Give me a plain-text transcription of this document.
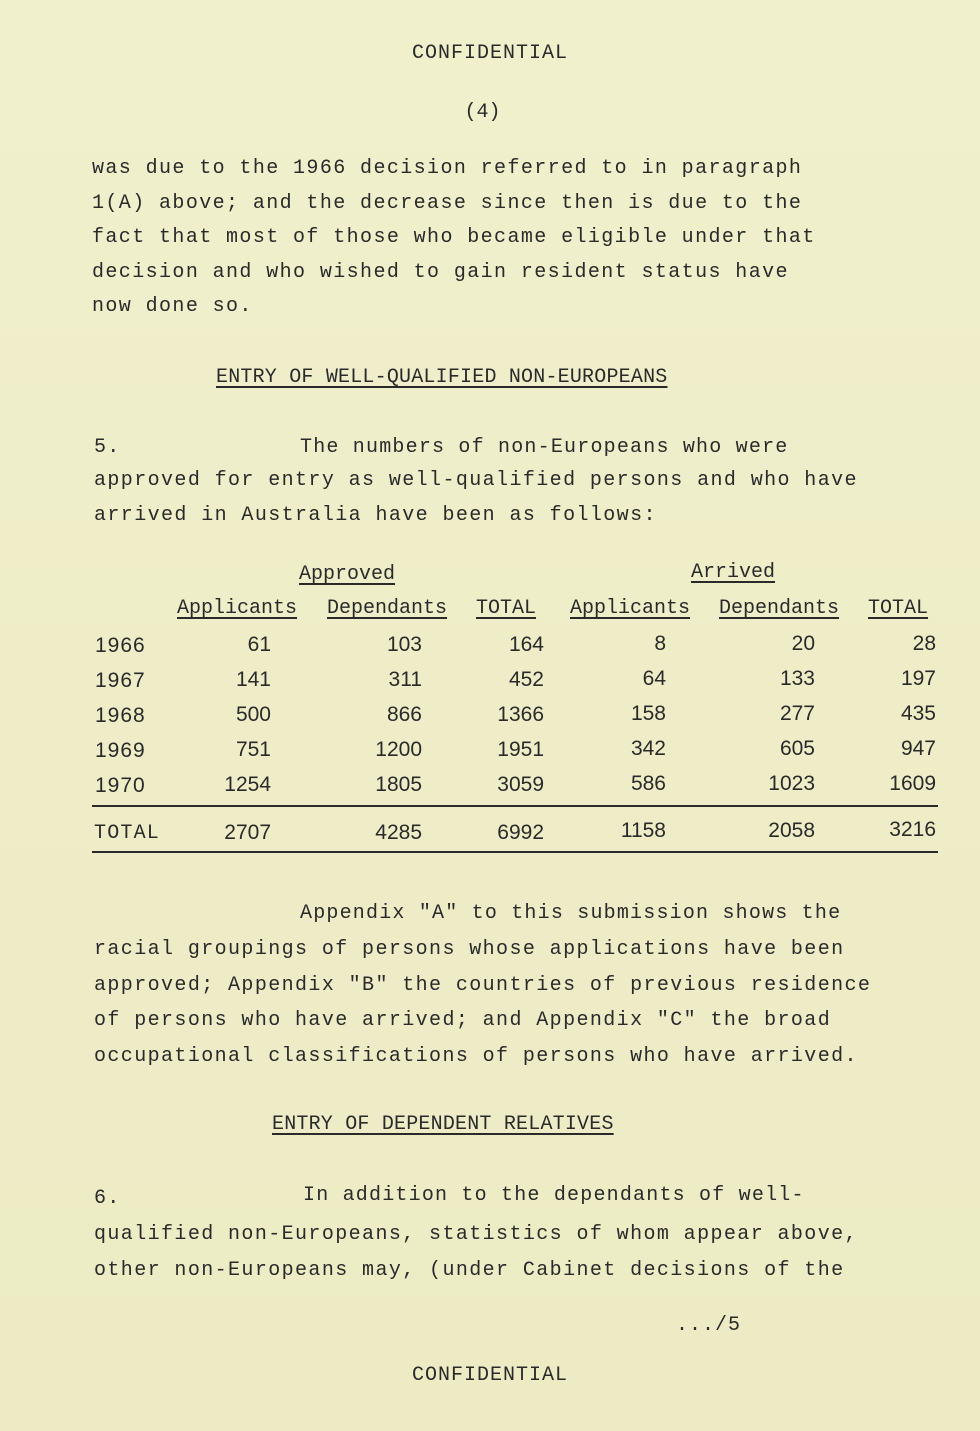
CONFIDENTIAL
(4)
was due to the 1966 decision referred to in paragraph
1(A) above; and the decrease since then is due to the
fact that most of those who became eligible under that
decision and who wished to gain resident status have
now done so.
ENTRY OF WELL-QUALIFIED NON-EUROPEANS
5.	The numbers of non-Europeans who were
approved for entry as well-qualified persons and who have
arrived in Australia have been as follows:
Approved	Arrived
Applicants Dependants TOTAL Applicants Dependants TOTAL
1966	61	103	164	8	20	28
1967	141	311	452	64	133	197
1968	500	866	1366	158	277	435
1969	751	1200	1951	342	605	947
1970	1254	1805	3059	586	1023	1609
TOTAL	2707	4285	6992	1158	2058	3216
Appendix "A" to this submission shows the
racial groupings of persons whose applications have been
approved; Appendix "B" the countries of previous residence
of persons who have arrived; and Appendix "C" the broad
occupational classifications of persons who have arrived.
ENTRY OF DEPENDENT RELATIVES
6.	In addition to the dependants of well-
qualified non-Europeans, statistics of whom appear above,
other non-Europeans may, (under Cabinet decisions of the
.../5
CONFIDENTIAL
